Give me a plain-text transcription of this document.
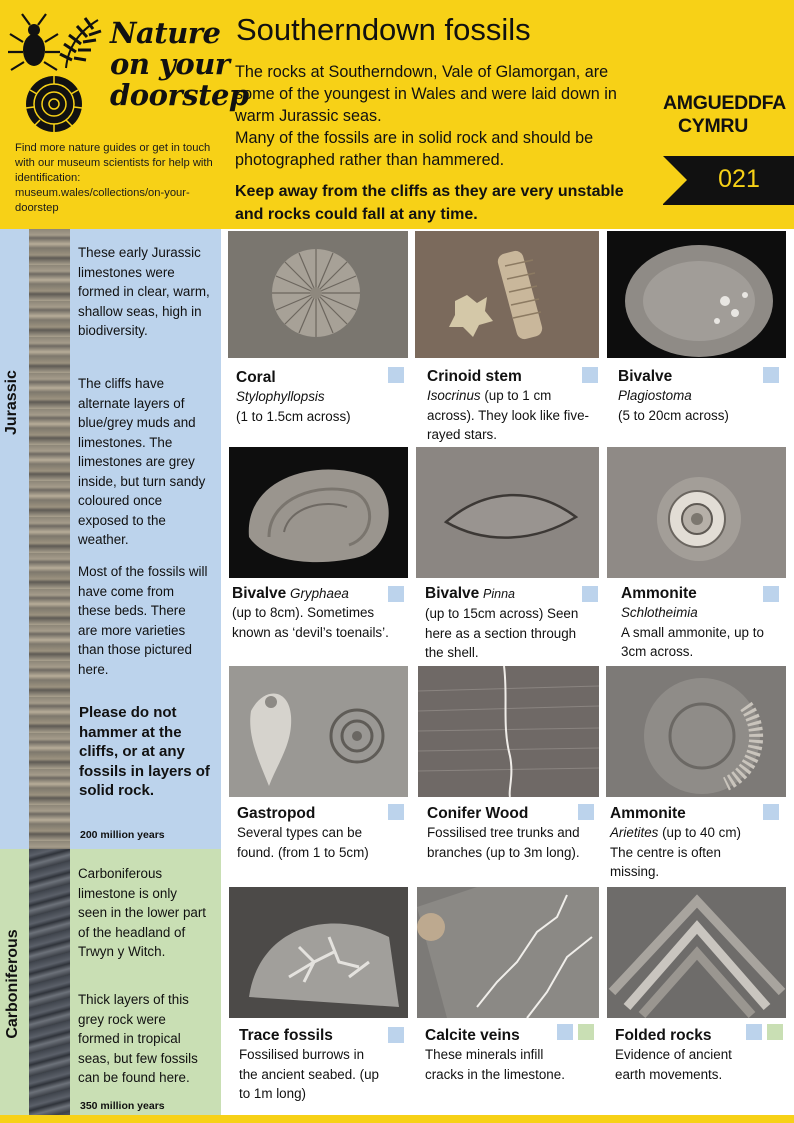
Nature
on your
doorstep
Find more nature guides or get in touch with our museum scientists for help with identification: museum.wales/collections/on-your-doorstep
Southerndown fossils
The rocks at Southerndown, Vale of Glamorgan, are some of the youngest in Wales and were laid down in warm Jurassic seas.
Many of the fossils are in solid rock and should be photographed rather than hammered.
Keep away from the cliffs as they are very unstable and rocks could fall at any time.
AMGUEDDFA
CYMRU
021
Jurassic
Carboniferous
These early Jurassic limestones were formed in clear, warm, shallow seas, high in biodiversity.
The cliffs have alternate layers of blue/grey muds and limestones. The limestones are grey inside, but turn sandy coloured once exposed to the weather.
Most of the fossils will have come from these beds. There are more varieties than those pictured here.
Please do not hammer at the cliffs, or at any fossils in layers of solid rock.
200 million years
Carboniferous limestone is only seen in the lower part of the headland of Trwyn y Witch.
Thick layers of this grey rock were formed in tropical seas, but few fossils can be found here.
350 million years
Coral
Stylophyllopsis
(1 to 1.5cm across)
Crinoid stem
Isocrinus (up to 1 cm across). They look like five-rayed stars.
Bivalve
Plagiostoma
(5 to 20cm across)
Bivalve Gryphaea
(up to 8cm). Sometimes known as ‘devil’s toenails’.
Bivalve Pinna
(up to 15cm across) Seen here as a section through the shell.
Ammonite
Schlotheimia
A small ammonite, up to 3cm across.
Gastropod
Several types can be found. (from 1 to 5cm)
Conifer Wood
Fossilised tree trunks and branches (up to 3m long).
Ammonite
Arietites (up to 40 cm) The centre is often missing.
Trace fossils
Fossilised burrows in the ancient seabed. (up to 1m long)
Calcite veins
These minerals infill cracks in the limestone.
Folded rocks
Evidence of ancient earth movements.
